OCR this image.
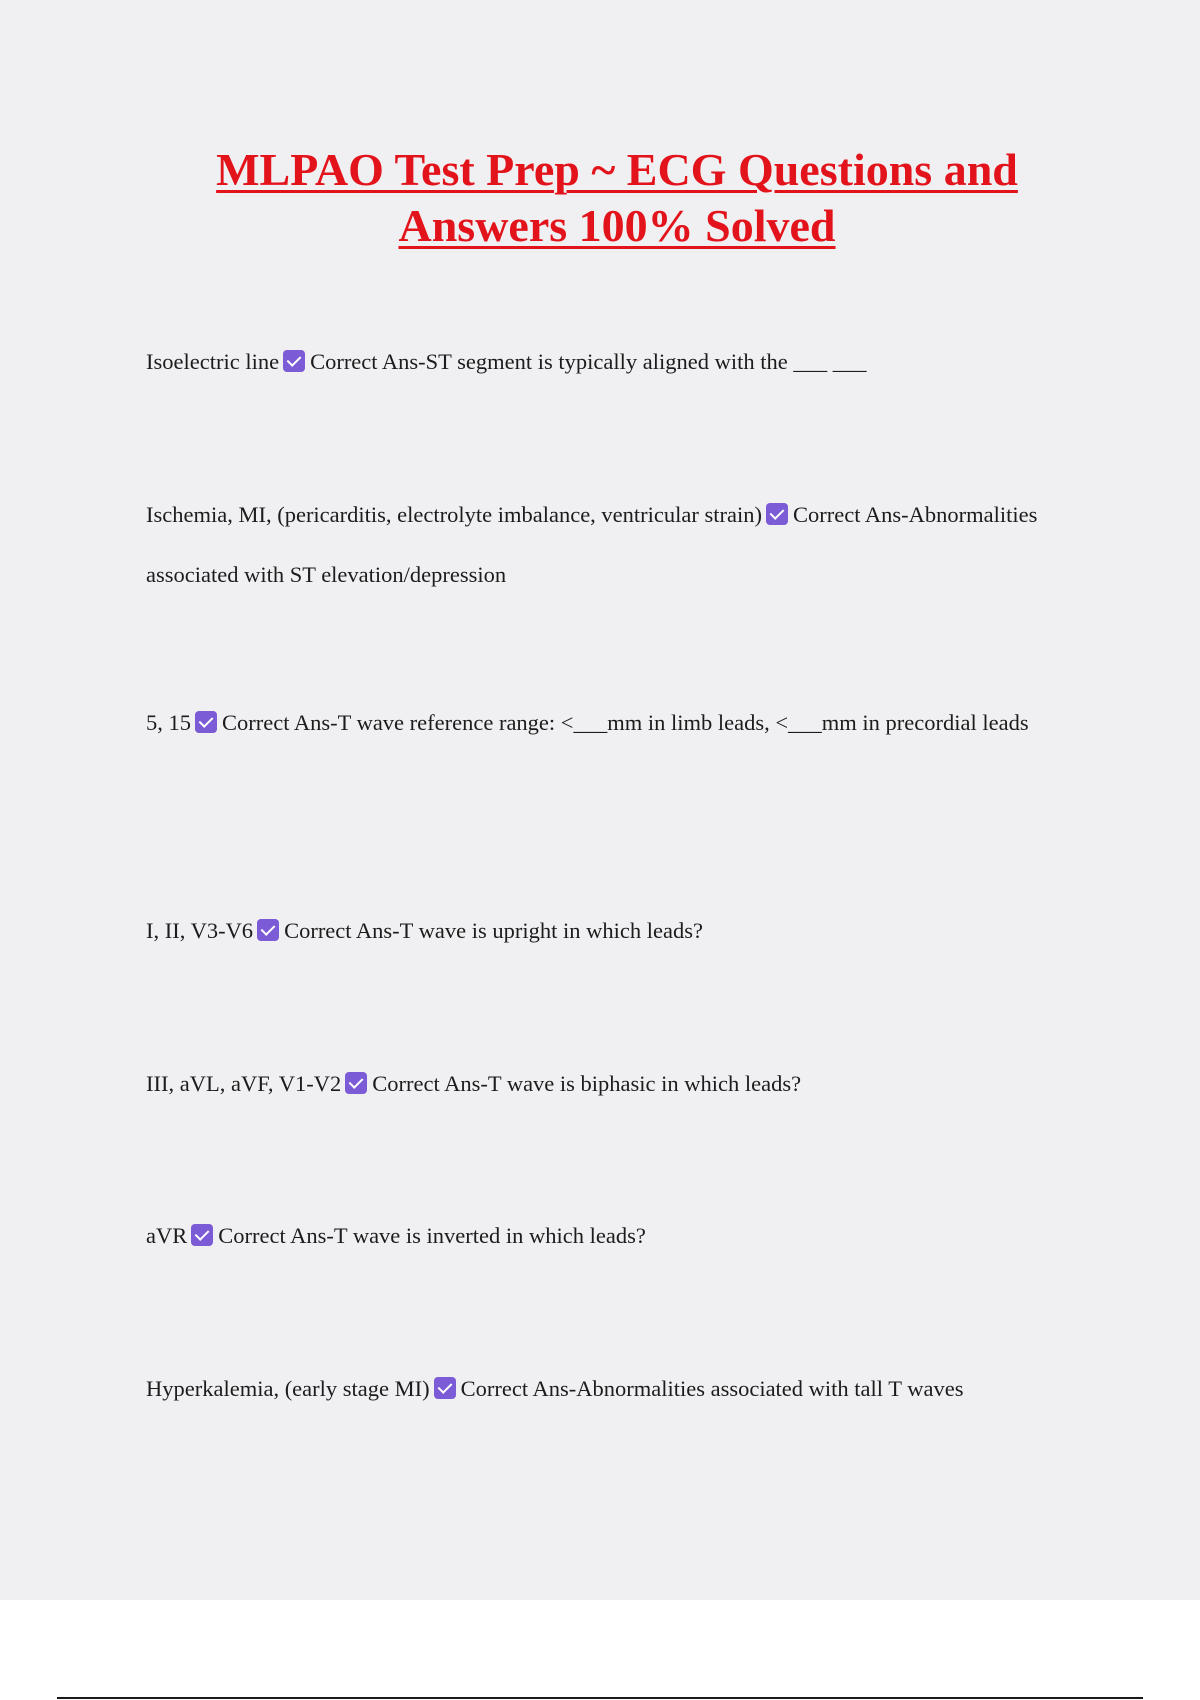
MLPAO Test Prep ~ ECG Questions and Answers 100% Solved

Isoelectric line Correct Ans-ST segment is typically aligned with the ___ ___

Ischemia, MI, (pericarditis, electrolyte imbalance, ventricular strain) Correct Ans-Abnormalities associated with ST elevation/depression

5, 15 Correct Ans-T wave reference range: <___mm in limb leads, <___mm in precordial leads

I, II, V3-V6 Correct Ans-T wave is upright in which leads?

III, aVL, aVF, V1-V2 Correct Ans-T wave is biphasic in which leads?

aVR Correct Ans-T wave is inverted in which leads?

Hyperkalemia, (early stage MI) Correct Ans-Abnormalities associated with tall T waves
